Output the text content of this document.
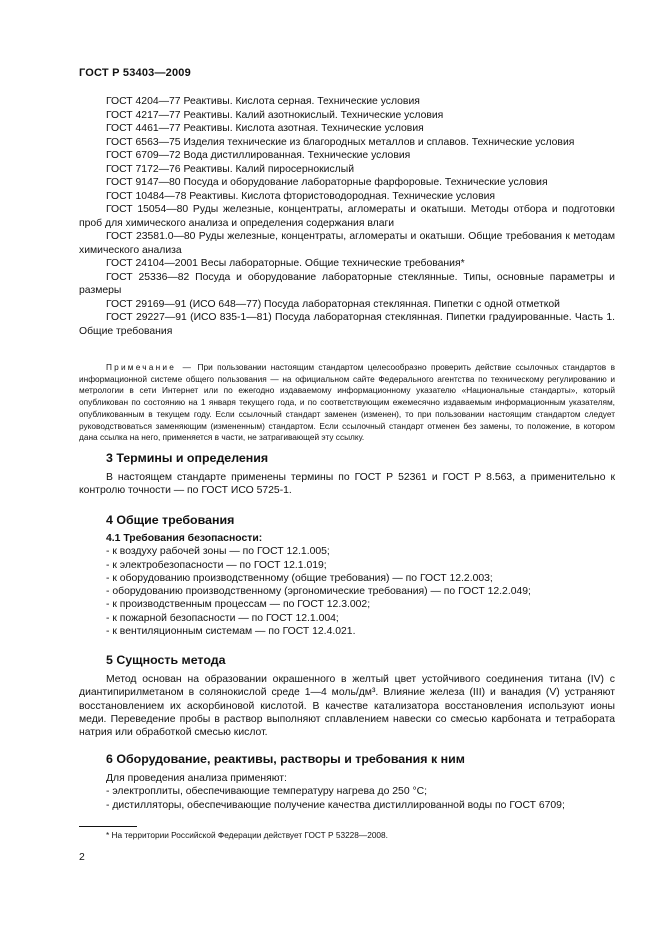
ГОСТ Р 53403—2009
ГОСТ 4204—77 Реактивы. Кислота серная. Технические условия
ГОСТ 4217—77 Реактивы. Калий азотнокислый. Технические условия
ГОСТ 4461—77 Реактивы. Кислота азотная. Технические условия
ГОСТ 6563—75 Изделия технические из благородных металлов и сплавов. Технические условия
ГОСТ 6709—72 Вода дистиллированная. Технические условия
ГОСТ 7172—76 Реактивы. Калий пиросернокислый
ГОСТ 9147—80 Посуда и оборудование лабораторные фарфоровые. Технические условия
ГОСТ 10484—78 Реактивы. Кислота фтористоводородная. Технические условия
ГОСТ 15054—80 Руды железные, концентраты, агломераты и окатыши. Методы отбора и подготовки проб для химического анализа и определения содержания влаги
ГОСТ 23581.0—80 Руды железные, концентраты, агломераты и окатыши. Общие требования к методам химического анализа
ГОСТ 24104—2001 Весы лабораторные. Общие технические требования*
ГОСТ 25336—82 Посуда и оборудование лабораторные стеклянные. Типы, основные параметры и размеры
ГОСТ 29169—91 (ИСО 648—77) Посуда лабораторная стеклянная. Пипетки с одной отметкой
ГОСТ 29227—91 (ИСО 835-1—81) Посуда лабораторная стеклянная. Пипетки градуированные. Часть 1. Общие требования
Примечание — При пользовании настоящим стандартом целесообразно проверить действие ссылочных стандартов в информационной системе общего пользования — на официальном сайте Федерального агентства по техническому регулированию и метрологии в сети Интернет или по ежегодно издаваемому информационному указателю «Национальные стандарты», который опубликован по состоянию на 1 января текущего года, и по соответствующим ежемесячно издаваемым информационным указателям, опубликованным в текущем году. Если ссылочный стандарт заменен (изменен), то при пользовании настоящим стандартом следует руководствоваться заменяющим (измененным) стандартом. Если ссылочный стандарт отменен без замены, то положение, в котором дана ссылка на него, применяется в части, не затрагивающей эту ссылку.
3 Термины и определения
В настоящем стандарте применены термины по ГОСТ Р 52361 и ГОСТ Р 8.563, а применительно к контролю точности — по ГОСТ ИСО 5725-1.
4 Общие требования
4.1 Требования безопасности:
- к воздуху рабочей зоны — по ГОСТ 12.1.005;
- к электробезопасности — по ГОСТ 12.1.019;
- к оборудованию производственному (общие требования) — по ГОСТ 12.2.003;
- оборудованию производственному (эргономические требования) — по ГОСТ 12.2.049;
- к производственным процессам — по ГОСТ 12.3.002;
- к пожарной безопасности — по ГОСТ 12.1.004;
- к вентиляционным системам — по ГОСТ 12.4.021.
5 Сущность метода
Метод основан на образовании окрашенного в желтый цвет устойчивого соединения титана (IV) с диантипирилметаном в солянокислой среде 1—4 моль/дм³. Влияние железа (III) и ванадия (V) устраняют восстановлением их аскорбиновой кислотой. В качестве катализатора восстановления используют ионы меди. Переведение пробы в раствор выполняют сплавлением навески со смесью карбоната и тетрабората натрия или обработкой смесью кислот.
6 Оборудование, реактивы, растворы и требования к ним
Для проведения анализа применяют:
- электроплиты, обеспечивающие температуру нагрева до 250 °С;
- дистилляторы, обеспечивающие получение качества дистиллированной воды по ГОСТ 6709;
* На территории Российской Федерации действует ГОСТ Р 53228—2008.
2
